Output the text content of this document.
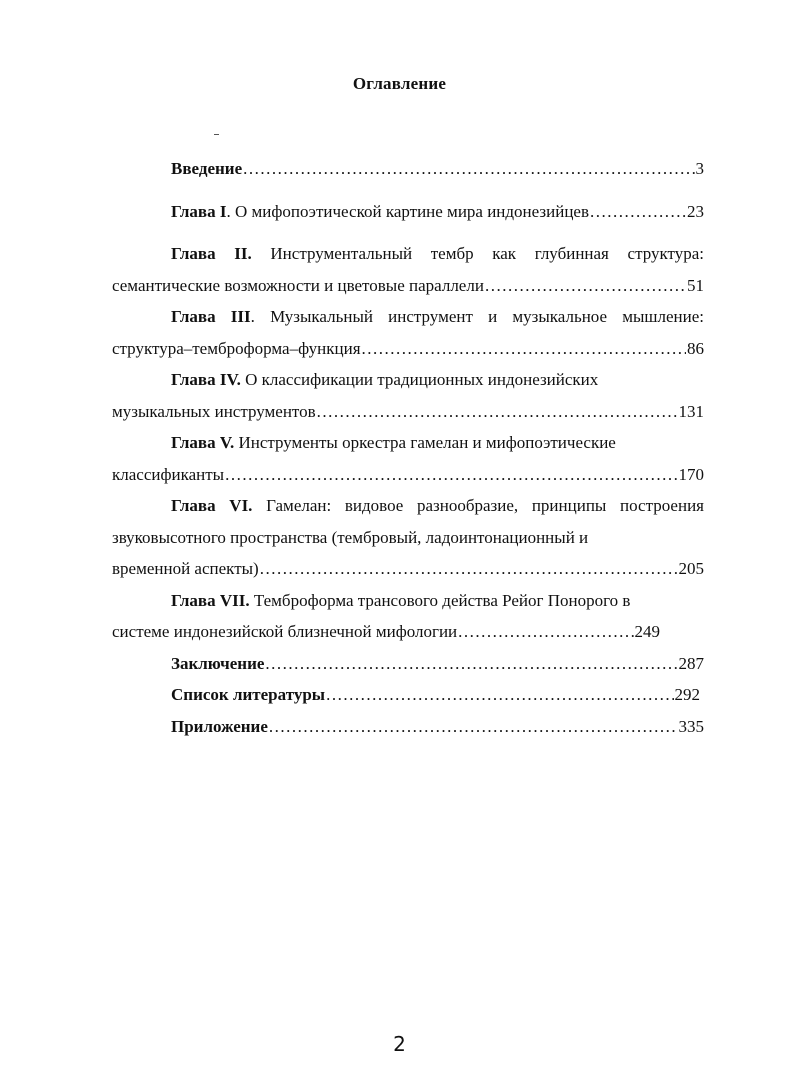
Оглавление
Введение .....	3
Глава I. О мифопоэтической картине мира индонезийцев .....	23
Глава II. Инструментальный тембр как глубинная структура:
семантические возможности и цветовые параллели .....	51
Глава III. Музыкальный инструмент и музыкальное мышление:
структура–темброформа–функция .....	86
Глава IV. О классификации традиционных индонезийских
музыкальных инструментов .....	131
Глава V. Инструменты оркестра гамелан и мифопоэтические
классификанты .....	170
Глава VI. Гамелан: видовое разнообразие, принципы построения
звуковысотного пространства (тембровый, ладоинтонационный и
временной аспекты) .....	205
Глава VII. Темброформа трансового действа Рейог Понорого в
системе индонезийской близнечной мифологии .....	249
Заключение .....	287
Список литературы .....	292
Приложение .....	335
2
